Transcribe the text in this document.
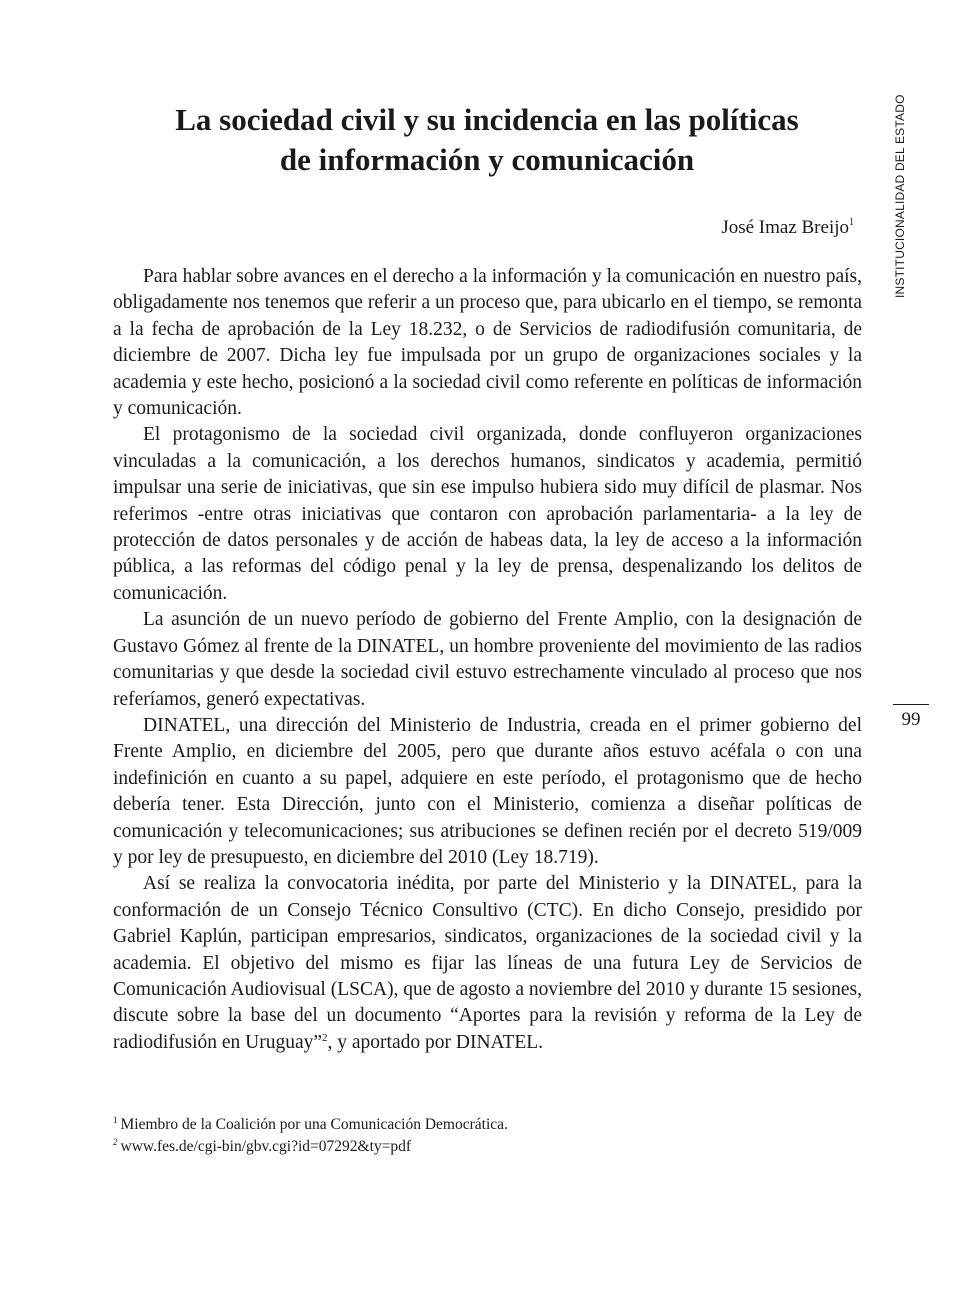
La sociedad civil y su incidencia en las políticas
de información y comunicación
José Imaz Breijo$^1$

Para hablar sobre avances en el derecho a la información y la comunicación en nuestro país, obligadamente nos tenemos que referir a un proceso que, para ubicarlo en el tiempo, se remonta a la fecha de aprobación de la Ley 18.232, o de Servicios de radiodifusión comunitaria, de diciembre de 2007. Dicha ley fue impulsada por un grupo de organizaciones sociales y la academia y este hecho, posicionó a la sociedad civil como referente en políticas de información y comunicación.

El protagonismo de la sociedad civil organizada, donde confluyeron organizaciones vinculadas a la comunicación, a los derechos humanos, sindicatos y academia, permitió impulsar una serie de iniciativas, que sin ese impulso hubiera sido muy difícil de plasmar. Nos referimos -entre otras iniciativas que contaron con aprobación parlamentaria- a la ley de protección de datos personales y de acción de habeas data, la ley de acceso a la información pública, a las reformas del código penal y la ley de prensa, despenalizando los delitos de comunicación.

La asunción de un nuevo período de gobierno del Frente Amplio, con la designación de Gustavo Gómez al frente de la DINATEL, un hombre proveniente del movimiento de las radios comunitarias y que desde la sociedad civil estuvo estrechamente vinculado al proceso que nos referíamos, generó expectativas.

DINATEL, una dirección del Ministerio de Industria, creada en el primer gobierno del Frente Amplio, en diciembre del 2005, pero que durante años estuvo acéfala o con una indefinición en cuanto a su papel, adquiere en este período, el protagonismo que de hecho debería tener. Esta Dirección, junto con el Ministerio, comienza a diseñar políticas de comunicación y telecomunicaciones; sus atribuciones se definen recién por el decreto 519/009 y por ley de presupuesto, en diciembre del 2010 (Ley 18.719).

Así se realiza la convocatoria inédita, por parte del Ministerio y la DINATEL, para la conformación de un Consejo Técnico Consultivo (CTC). En dicho Consejo, presidido por Gabriel Kaplún, participan empresarios, sindicatos, organizaciones de la sociedad civil y la academia. El objetivo del mismo es fijar las líneas de una futura Ley de Servicios de Comunicación Audiovisual (LSCA), que de agosto a noviembre del 2010 y durante 15 sesiones, discute sobre la base del un documento “Aportes para la revisión y reforma de la Ley de radiodifusión en Uruguay”$^2$, y aportado por DINATEL.

$^1$ Miembro de la Coalición por una Comunicación Democrática.

$^2$ www.fes.de/cgi-bin/gbv.cgi?id=07292&ty=pdf

INSTITUCIONALIDAD DEL ESTADO
99
